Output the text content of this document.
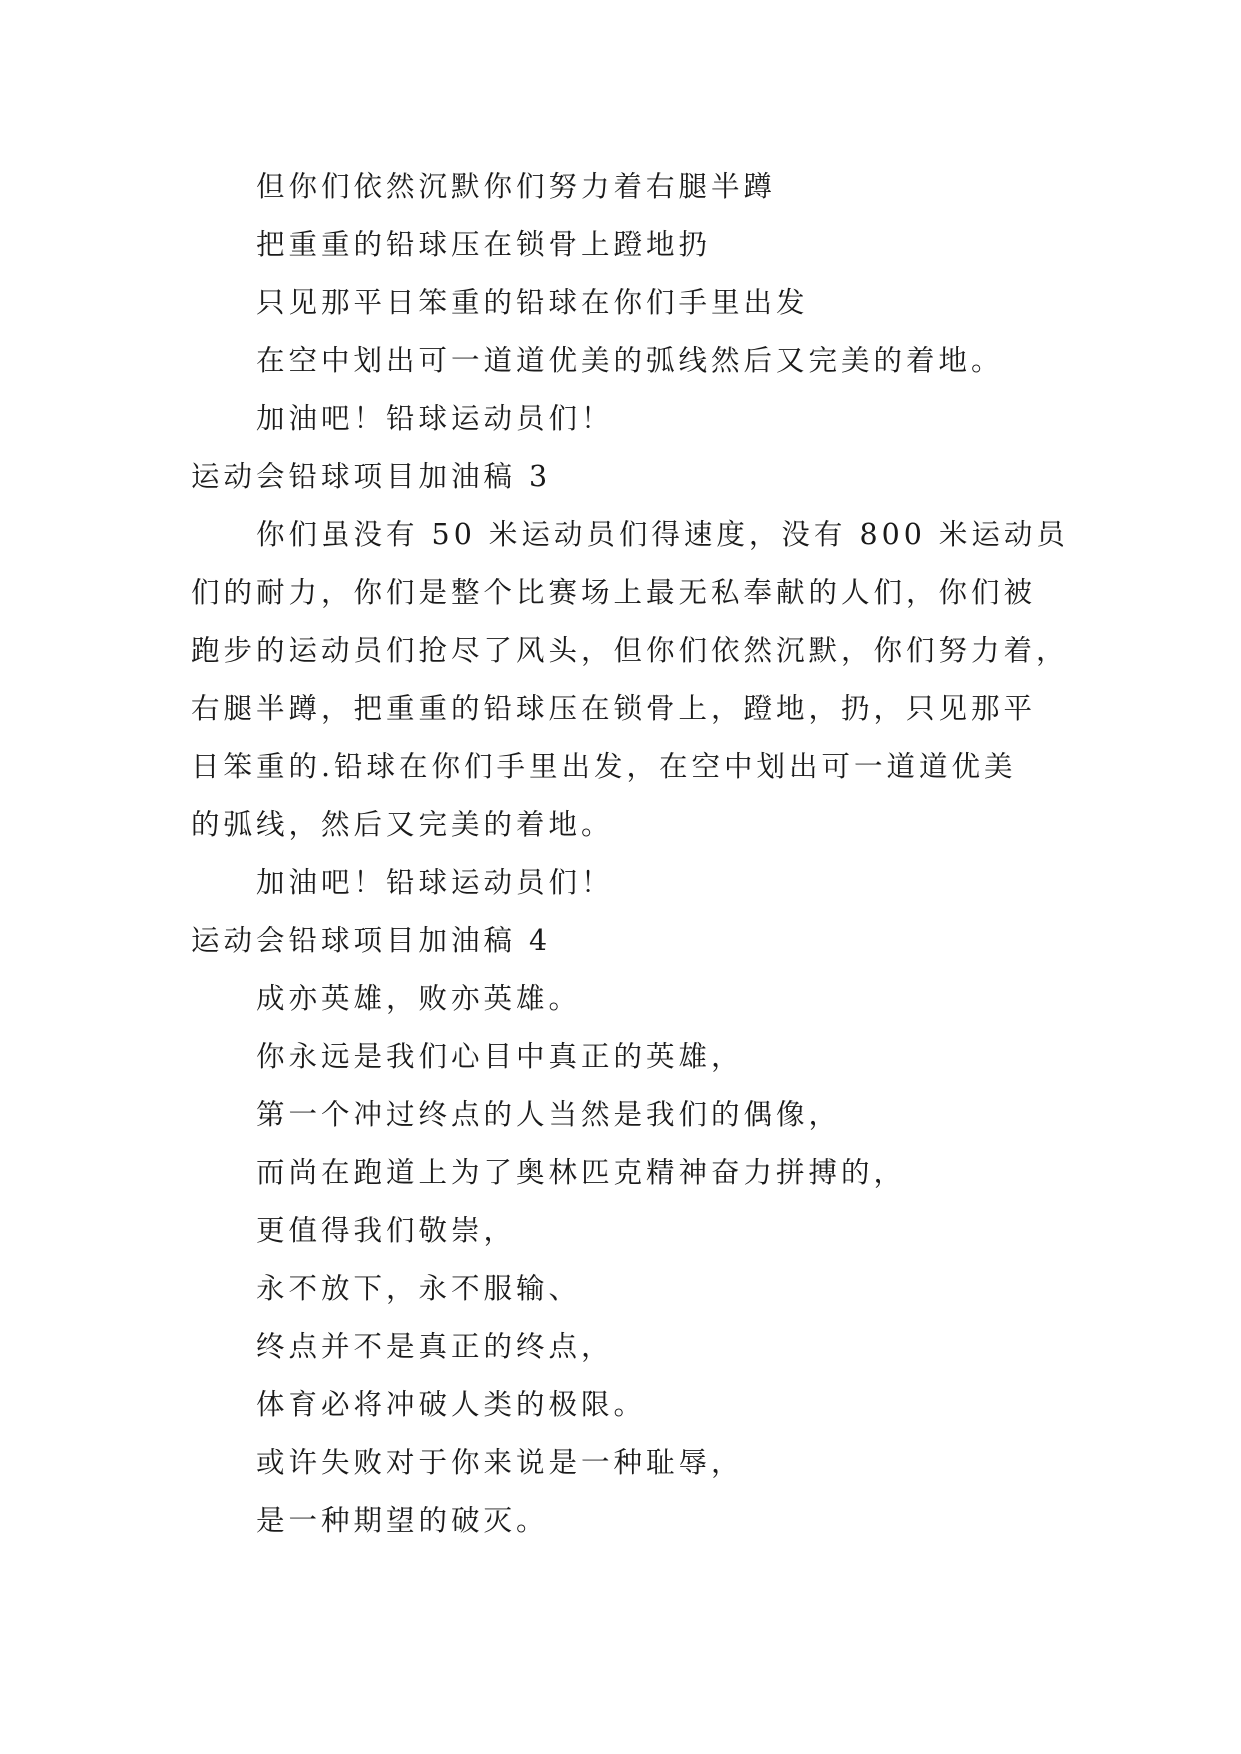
但你们依然沉默你们努力着右腿半蹲
把重重的铅球压在锁骨上蹬地扔
只见那平日笨重的铅球在你们手里出发
在空中划出可一道道优美的弧线然后又完美的着地。
加油吧！铅球运动员们！
运动会铅球项目加油稿 3
你们虽没有 50 米运动员们得速度，没有 800 米运动员
们的耐力，你们是整个比赛场上最无私奉献的人们，你们被
跑步的运动员们抢尽了风头，但你们依然沉默，你们努力着，
右腿半蹲，把重重的铅球压在锁骨上，蹬地，扔，只见那平
日笨重的.铅球在你们手里出发，在空中划出可一道道优美
的弧线，然后又完美的着地。
加油吧！铅球运动员们！
运动会铅球项目加油稿 4
成亦英雄，败亦英雄。
你永远是我们心目中真正的英雄，
第一个冲过终点的人当然是我们的偶像，
而尚在跑道上为了奥林匹克精神奋力拼搏的，
更值得我们敬崇，
永不放下，永不服输、
终点并不是真正的终点，
体育必将冲破人类的极限。
或许失败对于你来说是一种耻辱，
是一种期望的破灭。
